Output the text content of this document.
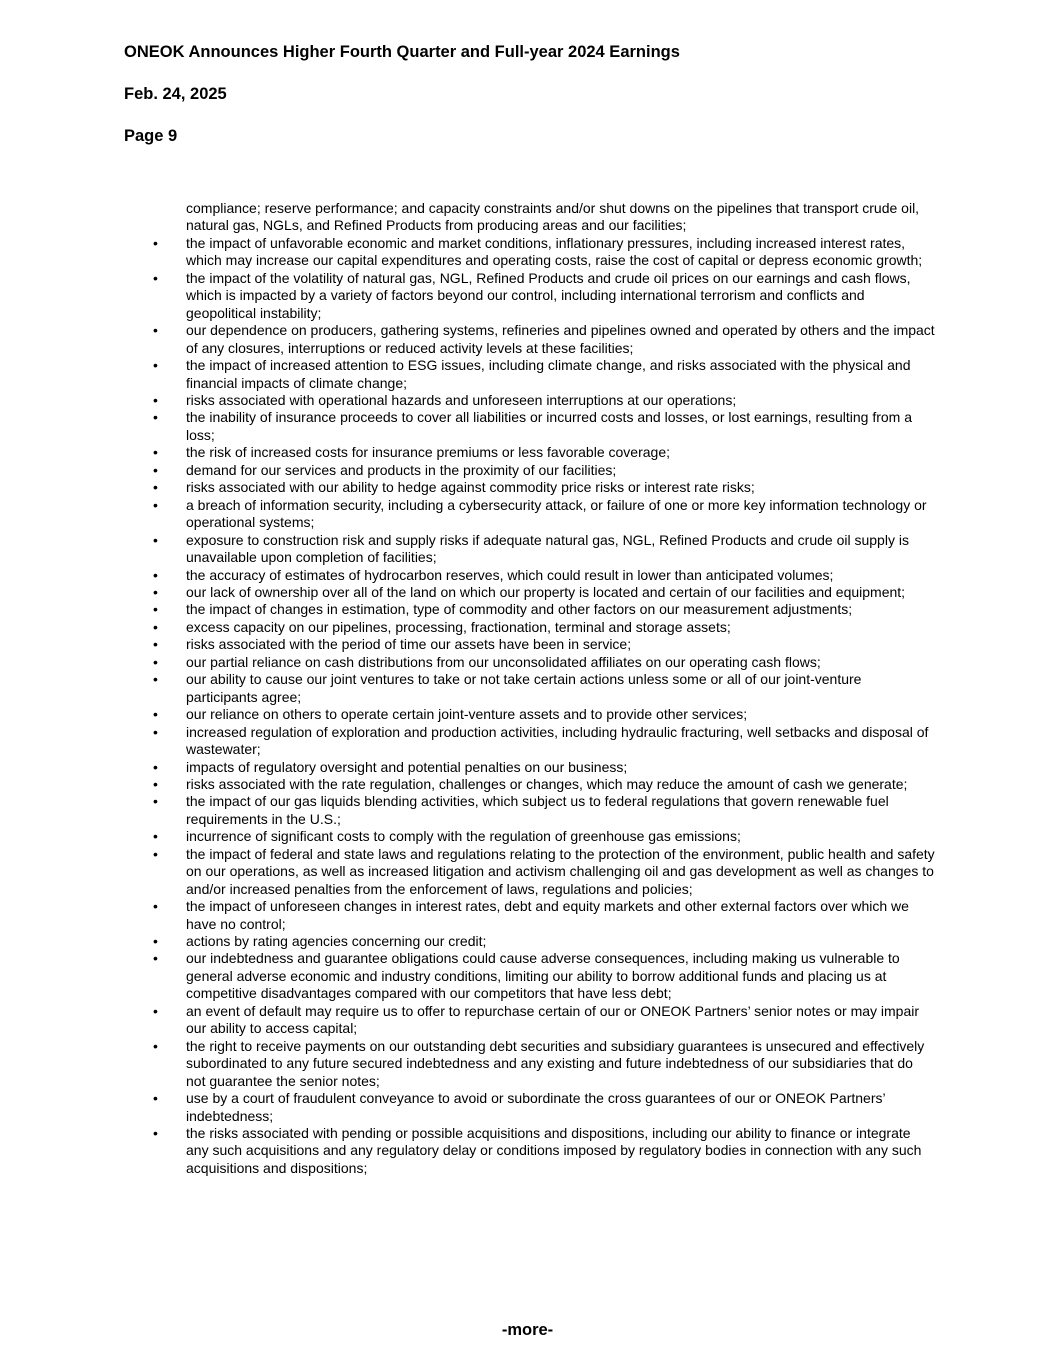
ONEOK Announces Higher Fourth Quarter and Full-year 2024 Earnings
Feb. 24, 2025
Page 9

compliance; reserve performance; and capacity constraints and/or shut downs on the pipelines that transport crude oil, natural gas, NGLs, and Refined Products from producing areas and our facilities;

•	the impact of unfavorable economic and market conditions, inflationary pressures, including increased interest rates, which may increase our capital expenditures and operating costs, raise the cost of capital or depress economic growth;
•	the impact of the volatility of natural gas, NGL, Refined Products and crude oil prices on our earnings and cash flows, which is impacted by a variety of factors beyond our control, including international terrorism and conflicts and geopolitical instability;
•	our dependence on producers, gathering systems, refineries and pipelines owned and operated by others and the impact of any closures, interruptions or reduced activity levels at these facilities;
•	the impact of increased attention to ESG issues, including climate change, and risks associated with the physical and financial impacts of climate change;
•	risks associated with operational hazards and unforeseen interruptions at our operations;
•	the inability of insurance proceeds to cover all liabilities or incurred costs and losses, or lost earnings, resulting from a loss;
•	the risk of increased costs for insurance premiums or less favorable coverage;
•	demand for our services and products in the proximity of our facilities;
•	risks associated with our ability to hedge against commodity price risks or interest rate risks;
•	a breach of information security, including a cybersecurity attack, or failure of one or more key information technology or operational systems;
•	exposure to construction risk and supply risks if adequate natural gas, NGL, Refined Products and crude oil supply is unavailable upon completion of facilities;
•	the accuracy of estimates of hydrocarbon reserves, which could result in lower than anticipated volumes;
•	our lack of ownership over all of the land on which our property is located and certain of our facilities and equipment;
•	the impact of changes in estimation, type of commodity and other factors on our measurement adjustments;
•	excess capacity on our pipelines, processing, fractionation, terminal and storage assets;
•	risks associated with the period of time our assets have been in service;
•	our partial reliance on cash distributions from our unconsolidated affiliates on our operating cash flows;
•	our ability to cause our joint ventures to take or not take certain actions unless some or all of our joint-venture participants agree;
•	our reliance on others to operate certain joint-venture assets and to provide other services;
•	increased regulation of exploration and production activities, including hydraulic fracturing, well setbacks and disposal of wastewater;
•	impacts of regulatory oversight and potential penalties on our business;
•	risks associated with the rate regulation, challenges or changes, which may reduce the amount of cash we generate;
•	the impact of our gas liquids blending activities, which subject us to federal regulations that govern renewable fuel requirements in the U.S.;
•	incurrence of significant costs to comply with the regulation of greenhouse gas emissions;
•	the impact of federal and state laws and regulations relating to the protection of the environment, public health and safety on our operations, as well as increased litigation and activism challenging oil and gas development as well as changes to and/or increased penalties from the enforcement of laws, regulations and policies;
•	the impact of unforeseen changes in interest rates, debt and equity markets and other external factors over which we have no control;
•	actions by rating agencies concerning our credit;
•	our indebtedness and guarantee obligations could cause adverse consequences, including making us vulnerable to general adverse economic and industry conditions, limiting our ability to borrow additional funds and placing us at competitive disadvantages compared with our competitors that have less debt;
•	an event of default may require us to offer to repurchase certain of our or ONEOK Partners’ senior notes or may impair our ability to access capital;
•	the right to receive payments on our outstanding debt securities and subsidiary guarantees is unsecured and effectively subordinated to any future secured indebtedness and any existing and future indebtedness of our subsidiaries that do not guarantee the senior notes;
•	use by a court of fraudulent conveyance to avoid or subordinate the cross guarantees of our or ONEOK Partners’ indebtedness;
•	the risks associated with pending or possible acquisitions and dispositions, including our ability to finance or integrate any such acquisitions and any regulatory delay or conditions imposed by regulatory bodies in connection with any such acquisitions and dispositions;
-more-
